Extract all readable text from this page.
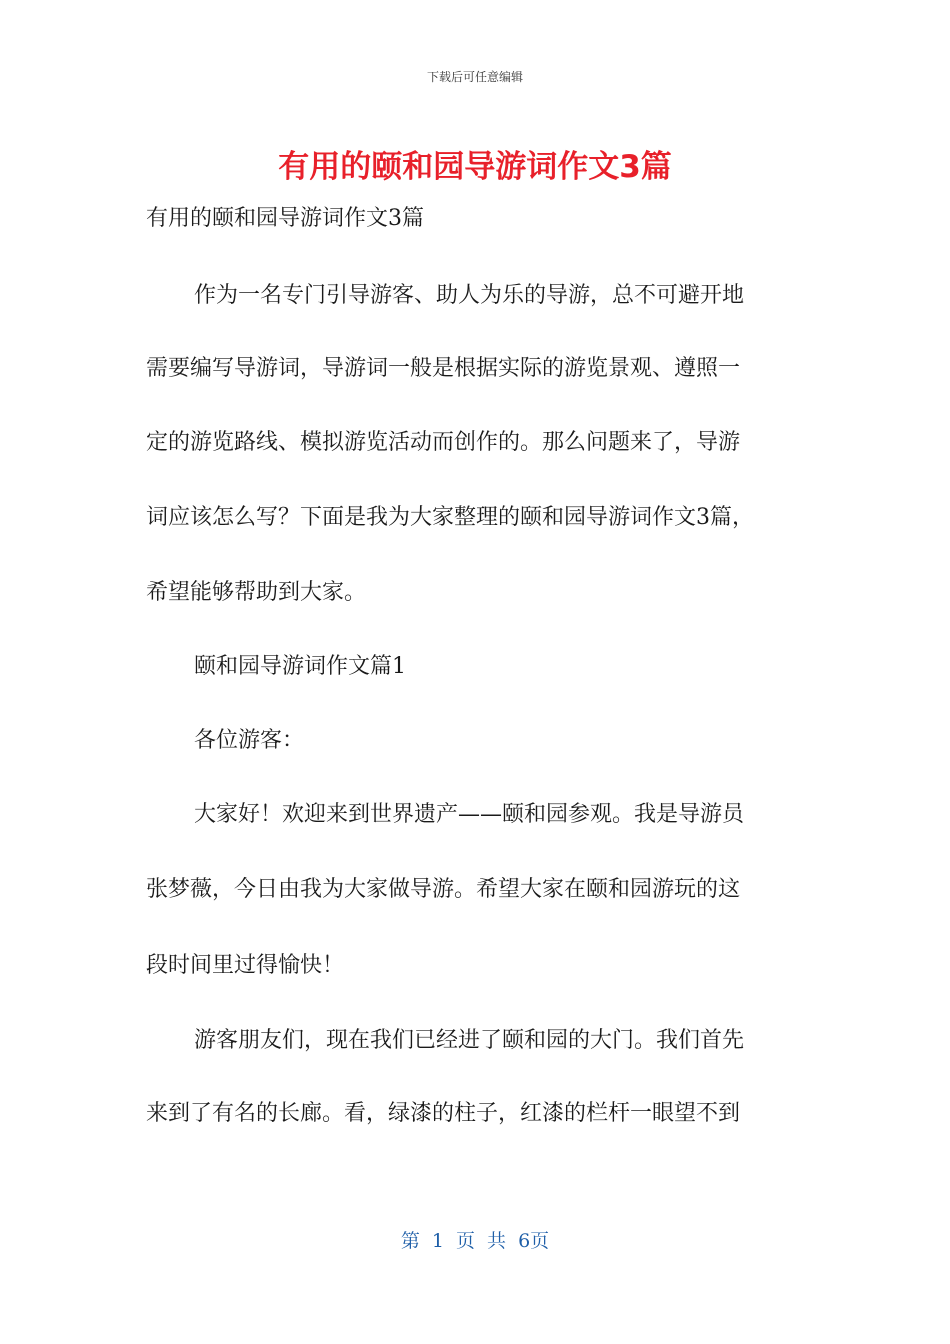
下载后可任意编辑
有用的颐和园导游词作文3篇
有用的颐和园导游词作文3篇
作为一名专门引导游客、助人为乐的导游，总不可避开地
需要编写导游词，导游词一般是根据实际的游览景观、遵照一
定的游览路线、模拟游览活动而创作的。那么问题来了，导游
词应该怎么写？下面是我为大家整理的颐和园导游词作文3篇，
希望能够帮助到大家。
颐和园导游词作文篇1
各位游客：
大家好！欢迎来到世界遗产——颐和园参观。我是导游员
张梦薇，今日由我为大家做导游。希望大家在颐和园游玩的这
段时间里过得愉快！
游客朋友们，现在我们已经进了颐和园的大门。我们首先
来到了有名的长廊。看，绿漆的柱子，红漆的栏杆一眼望不到
第 1 页 共 6页
